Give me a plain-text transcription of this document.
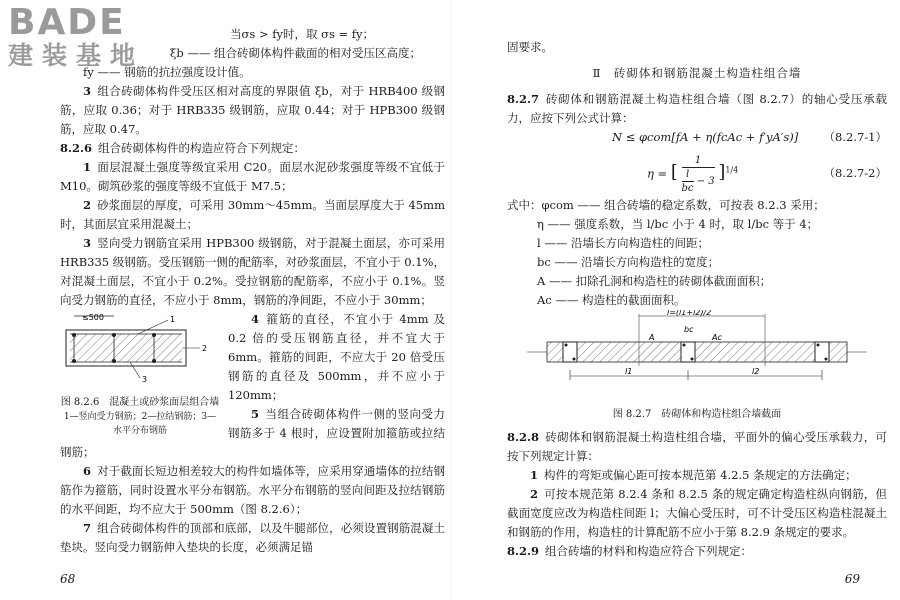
BADE
建装基地

当σs > fy时，取 σs = fy；

ξb —— 组合砖砌体构件截面的相对受压区高度；

fy —— 钢筋的抗拉强度设计值。

3 组合砖砌体构件受压区相对高度的界限值 ξb，对于 HRB400 级钢筋，应取 0.36；对于 HRB335 级钢筋，应取 0.44；对于 HPB300 级钢筋，应取 0.47。

8.2.6 组合砖砌体构件的构造应符合下列规定：

1 面层混凝土强度等级宜采用 C20。面层水泥砂浆强度等级不宜低于 M10。砌筑砂浆的强度等级不宜低于 M7.5；

2 砂浆面层的厚度，可采用 30mm～45mm。当面层厚度大于 45mm 时，其面层宜采用混凝土；

3 竖向受力钢筋宜采用 HPB300 级钢筋，对于混凝土面层，亦可采用 HRB335 级钢筋。受压钢筋一侧的配筋率，对砂浆面层，不宜小于 0.1%，对混凝土面层，不宜小于 0.2%。受拉钢筋的配筋率，不应小于 0.1%。竖向受力钢筋的直径，不应小于 8mm，钢筋的净间距，不应小于 30mm；

≤500	1
2
3
图 8.2.6　混凝土或砂浆面层组合墙
1—竖向受力钢筋；2—拉结钢筋；3—水平分布钢筋

4 箍筋的直径，不宜小于 4mm 及 0.2 倍的受压钢筋直径，并不宜大于 6mm。箍筋的间距，不应大于 20 倍受压钢筋的直径及 500mm，并不应小于 120mm；

5 当组合砖砌体构件一侧的竖向受力钢筋多于 4 根时，应设置附加箍筋或拉结钢筋；

6 对于截面长短边相差较大的构件如墙体等，应采用穿通墙体的拉结钢筋作为箍筋，同时设置水平分布钢筋。水平分布钢筋的竖向间距及拉结钢筋的水平间距，均不应大于 500mm（图 8.2.6）；

7 组合砖砌体构件的顶部和底部，以及牛腿部位，必须设置钢筋混凝土垫块。竖向受力钢筋伸入垫块的长度，必须满足锚

68

固要求。

Ⅱ　砖砌体和钢筋混凝土构造柱组合墙

8.2.7 砖砌体和钢筋混凝土构造柱组合墙（图 8.2.7）的轴心受压承载力，应按下列公式计算：

N ≤ φcom[fA + η(fcAc + f′yA′s)] （8.2.7-1）
η = [ $\frac{1}{\frac{l}{bc} - 3} ]^{1/4}$	（8.2.7-2）
式中：φcom —— 组合砖墙的稳定系数，可按表 8.2.3 采用；
η —— 强度系数，当 l/bc 小于 4 时，取 l/bc 等于 4；
l —— 沿墙长方向构造柱的间距；
bc —— 沿墙长方向构造柱的宽度；
A —— 扣除孔洞和构造柱的砖砌体截面面积；
Ac —— 构造柱的截面面积。
l=(l1+l2)/2
bc
A	Ac
l1	l2
图 8.2.7　砖砌体和构造柱组合墙截面

8.2.8 砖砌体和钢筋混凝土构造柱组合墙，平面外的偏心受压承载力，可按下列规定计算：

1 构件的弯矩或偏心距可按本规范第 4.2.5 条规定的方法确定；

2 可按本规范第 8.2.4 条和 8.2.5 条的规定确定构造柱纵向钢筋，但截面宽度应改为构造柱间距 l；大偏心受压时，可不计受压区构造柱混凝土和钢筋的作用，构造柱的计算配筋不应小于第 8.2.9 条规定的要求。

8.2.9 组合砖墙的材料和构造应符合下列规定：

69
